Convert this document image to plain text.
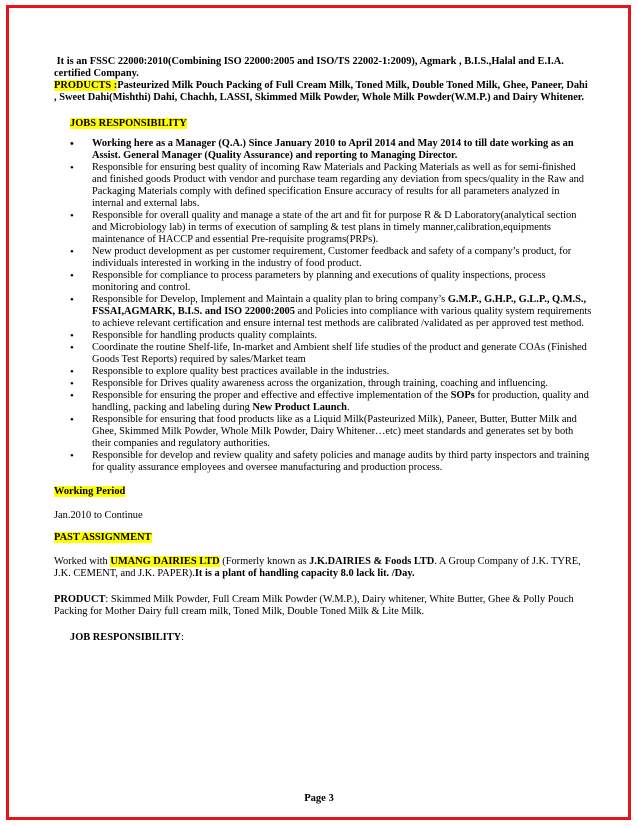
It is an FSSC 22000:2010(Combining ISO 22000:2005 and ISO/TS 22002-1:2009), Agmark , B.I.S.,Halal and E.I.A. certified Company.

PRODUCTS :Pasteurized Milk Pouch Packing of Full Cream Milk, Toned Milk, Double Toned Milk, Ghee, Paneer, Dahi , Sweet Dahi(Mishthi) Dahi, Chachh, LASSI, Skimmed Milk Powder, Whole Milk Powder(W.M.P.) and Dairy Whitener.

JOBS RESPONSIBILITY

• Working here as a Manager (Q.A.) Since January 2010 to April 2014 and May 2014 to till date working as an Assist. General Manager (Quality Assurance) and reporting to Managing Director.
• Responsible for ensuring best quality of incoming Raw Materials and Packing Materials as well as for semi-finished and finished goods Product with vendor and purchase team regarding any deviation from specs/quality in the Raw and Packaging Materials comply with defined specification Ensure accuracy of results for all parameters analyzed in internal and external labs.
• Responsible for overall quality and manage a state of the art and fit for purpose R & D Laboratory(analytical section and Microbiology lab) in terms of execution of sampling & test plans in timely manner,calibration,equipments maintenance of HACCP and essential Pre-requisite programs(PRPs).
• New product development as per customer requirement, Customer feedback and safety of a company’s product, for individuals interested in working in the industry of food product.
• Responsible for compliance to process parameters by planning and executions of quality inspections, process monitoring and control.
• Responsible for Develop, Implement and Maintain a quality plan to bring company’s G.M.P., G.H.P., G.L.P., Q.M.S., FSSAI,AGMARK, B.I.S. and ISO 22000:2005 and Policies into compliance with various quality system requirements to achieve relevant certification and ensure internal test methods are calibrated /validated as per approved test method.
• Responsible for handling products quality complaints.
• Coordinate the routine Shelf-life, In-market and Ambient shelf life studies of the product and generate COAs (Finished Goods Test Reports) required by sales/Market team
• Responsible to explore quality best practices available in the industries.
• Responsible for Drives quality awareness across the organization, through training, coaching and influencing.
• Responsible for ensuring the proper and effective and effective implementation of the SOPs for production, quality and handling, packing and labeling during New Product Launch.
• Responsible for ensuring that food products like as a Liquid Milk(Pasteurized Milk), Paneer, Butter, Butter Milk and Ghee, Skimmed Milk Powder, Whole Milk Powder, Dairy Whitener…etc) meet standards and generates set by both their companies and regulatory authorities.
• Responsible for develop and review quality and safety policies and manage audits by third party inspectors and training for quality assurance employees and oversee manufacturing and production process.

Working Period

Jan.2010 to Continue

PAST ASSIGNMENT

Worked with UMANG DAIRIES LTD (Formerly known as J.K.DAIRIES & Foods LTD. A Group Company of J.K. TYRE, J.K. CEMENT, and J.K. PAPER).It is a plant of handling capacity 8.0 lack lit. /Day.

PRODUCT: Skimmed Milk Powder, Full Cream Milk Powder (W.M.P.), Dairy whitener, White Butter, Ghee & Polly Pouch Packing for Mother Dairy full cream milk, Toned Milk, Double Toned Milk & Lite Milk.

JOB RESPONSIBILITY:

Page 3
